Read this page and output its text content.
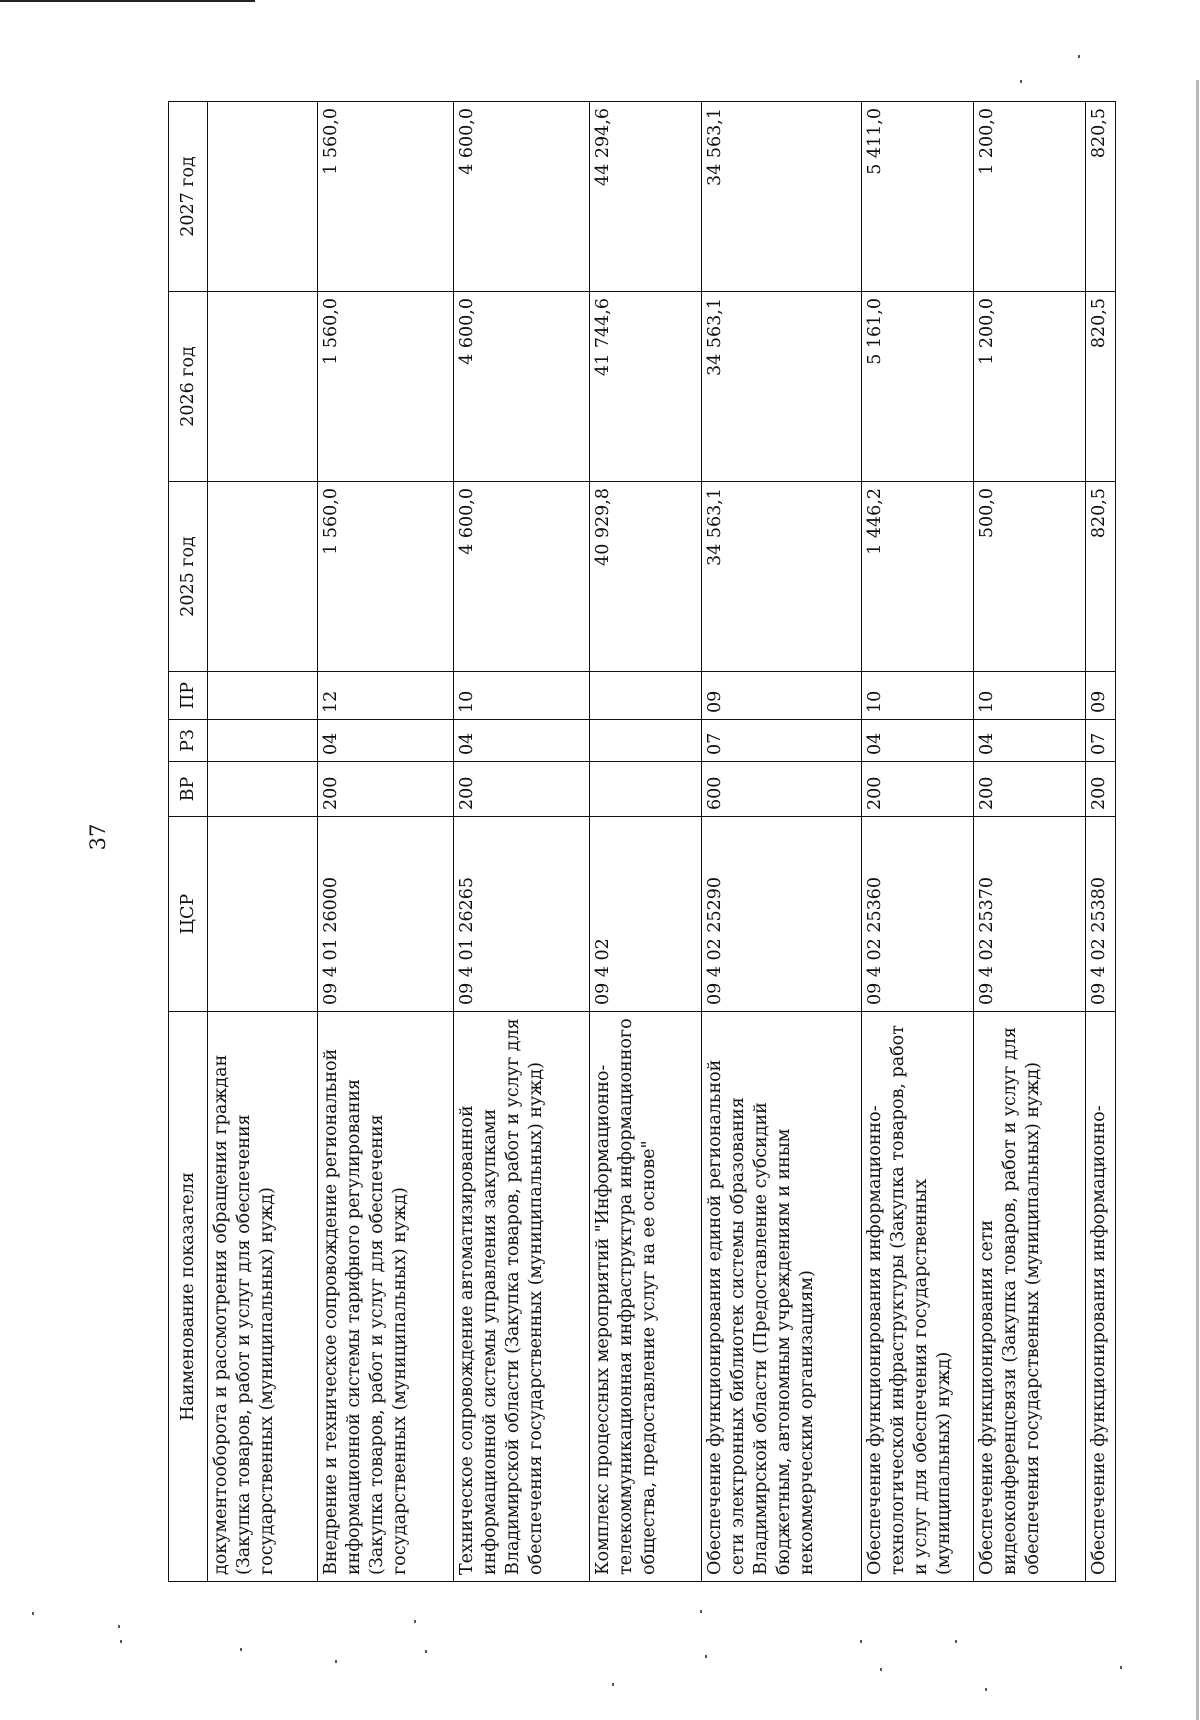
37
Наименование показателя	ЦСР	ВР	РЗ	ПР	2025 год	2026 год	2027 год
документооборота и рассмотрения обращения граждан (Закупка товаров, работ и услуг для обеспечения государственных (муниципальных) нужд)							
Внедрение и техническое сопровождение региональной информационной системы тарифного регулирования (Закупка товаров, работ и услуг для обеспечения государственных (муниципальных) нужд)	09 4 01 26000	200	04	12	1 560,0	1 560,0	1 560,0
Техническое сопровождение автоматизированной информационной системы управления закупками Владимирской области (Закупка товаров, работ и услуг для обеспечения государственных (муниципальных) нужд)	09 4 01 26265	200	04	10	4 600,0	4 600,0	4 600,0
Комплекс процессных мероприятий "Информационно-телекоммуникационная инфраструктура информационного общества, предоставление услуг на ее основе"	09 4 02				40 929,8	41 744,6	44 294,6
Обеспечение функционирования единой региональной сети электронных библиотек системы образования Владимирской области (Предоставление субсидий бюджетным, автономным учреждениям и иным некоммерческим организациям)	09 4 02 25290	600	07	09	34 563,1	34 563,1	34 563,1
Обеспечение функционирования информационно-технологической инфраструктуры (Закупка товаров, работ и услуг для обеспечения государственных (муниципальных) нужд)	09 4 02 25360	200	04	10	1 446,2	5 161,0	5 411,0
Обеспечение функционирования сети видеоконференцсвязи (Закупка товаров, работ и услуг для обеспечения государственных (муниципальных) нужд)	09 4 02 25370	200	04	10	500,0	1 200,0	1 200,0
Обеспечение функционирования информационно-	09 4 02 25380	200	07	09	820,5	820,5	820,5
